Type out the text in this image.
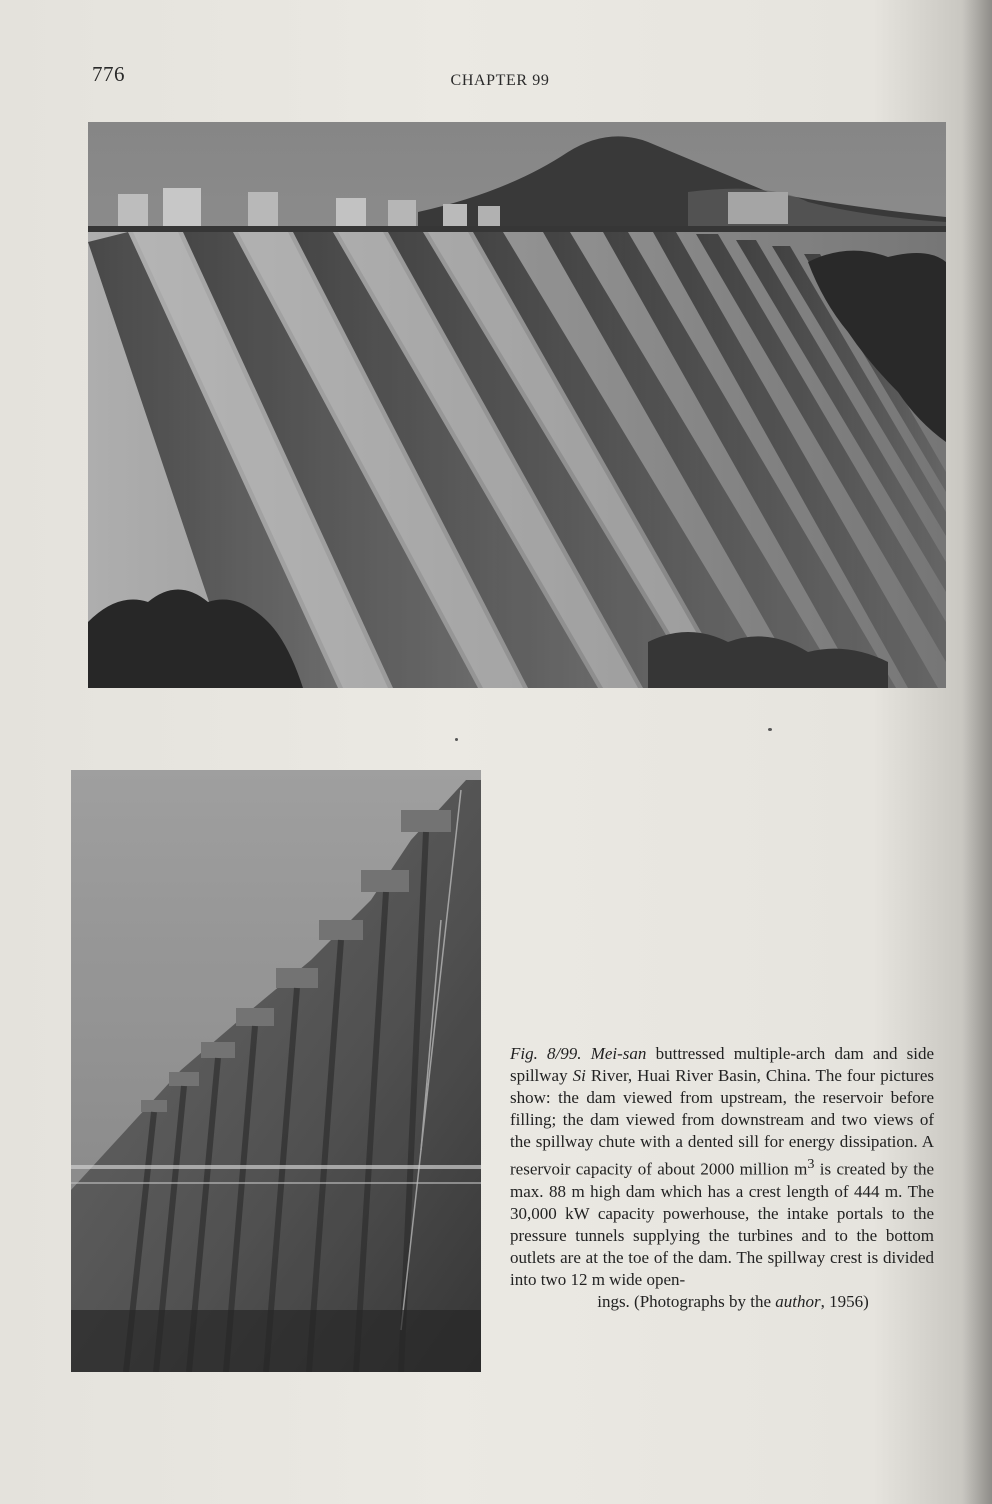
776	CHAPTER 99

Fig. 8/99. Mei-san buttressed multiple-arch dam and side spillway Si River, Huai River Basin, China. The four pictures show: the dam viewed from upstream, the reservoir before filling; the dam viewed from downstream and two views of the spillway chute with a dented sill for energy dissipation. A reservoir capacity of about 2000 million $m^3$ is created by the max. 88 m high dam which has a crest length of 444 m. The 30,000 kW capacity powerhouse, the intake portals to the pressure tunnels supplying the turbines and to the bottom outlets are at the toe of the dam. The spillway crest is divided into two 12 m wide open-

ings. (Photographs by the author, 1956)
